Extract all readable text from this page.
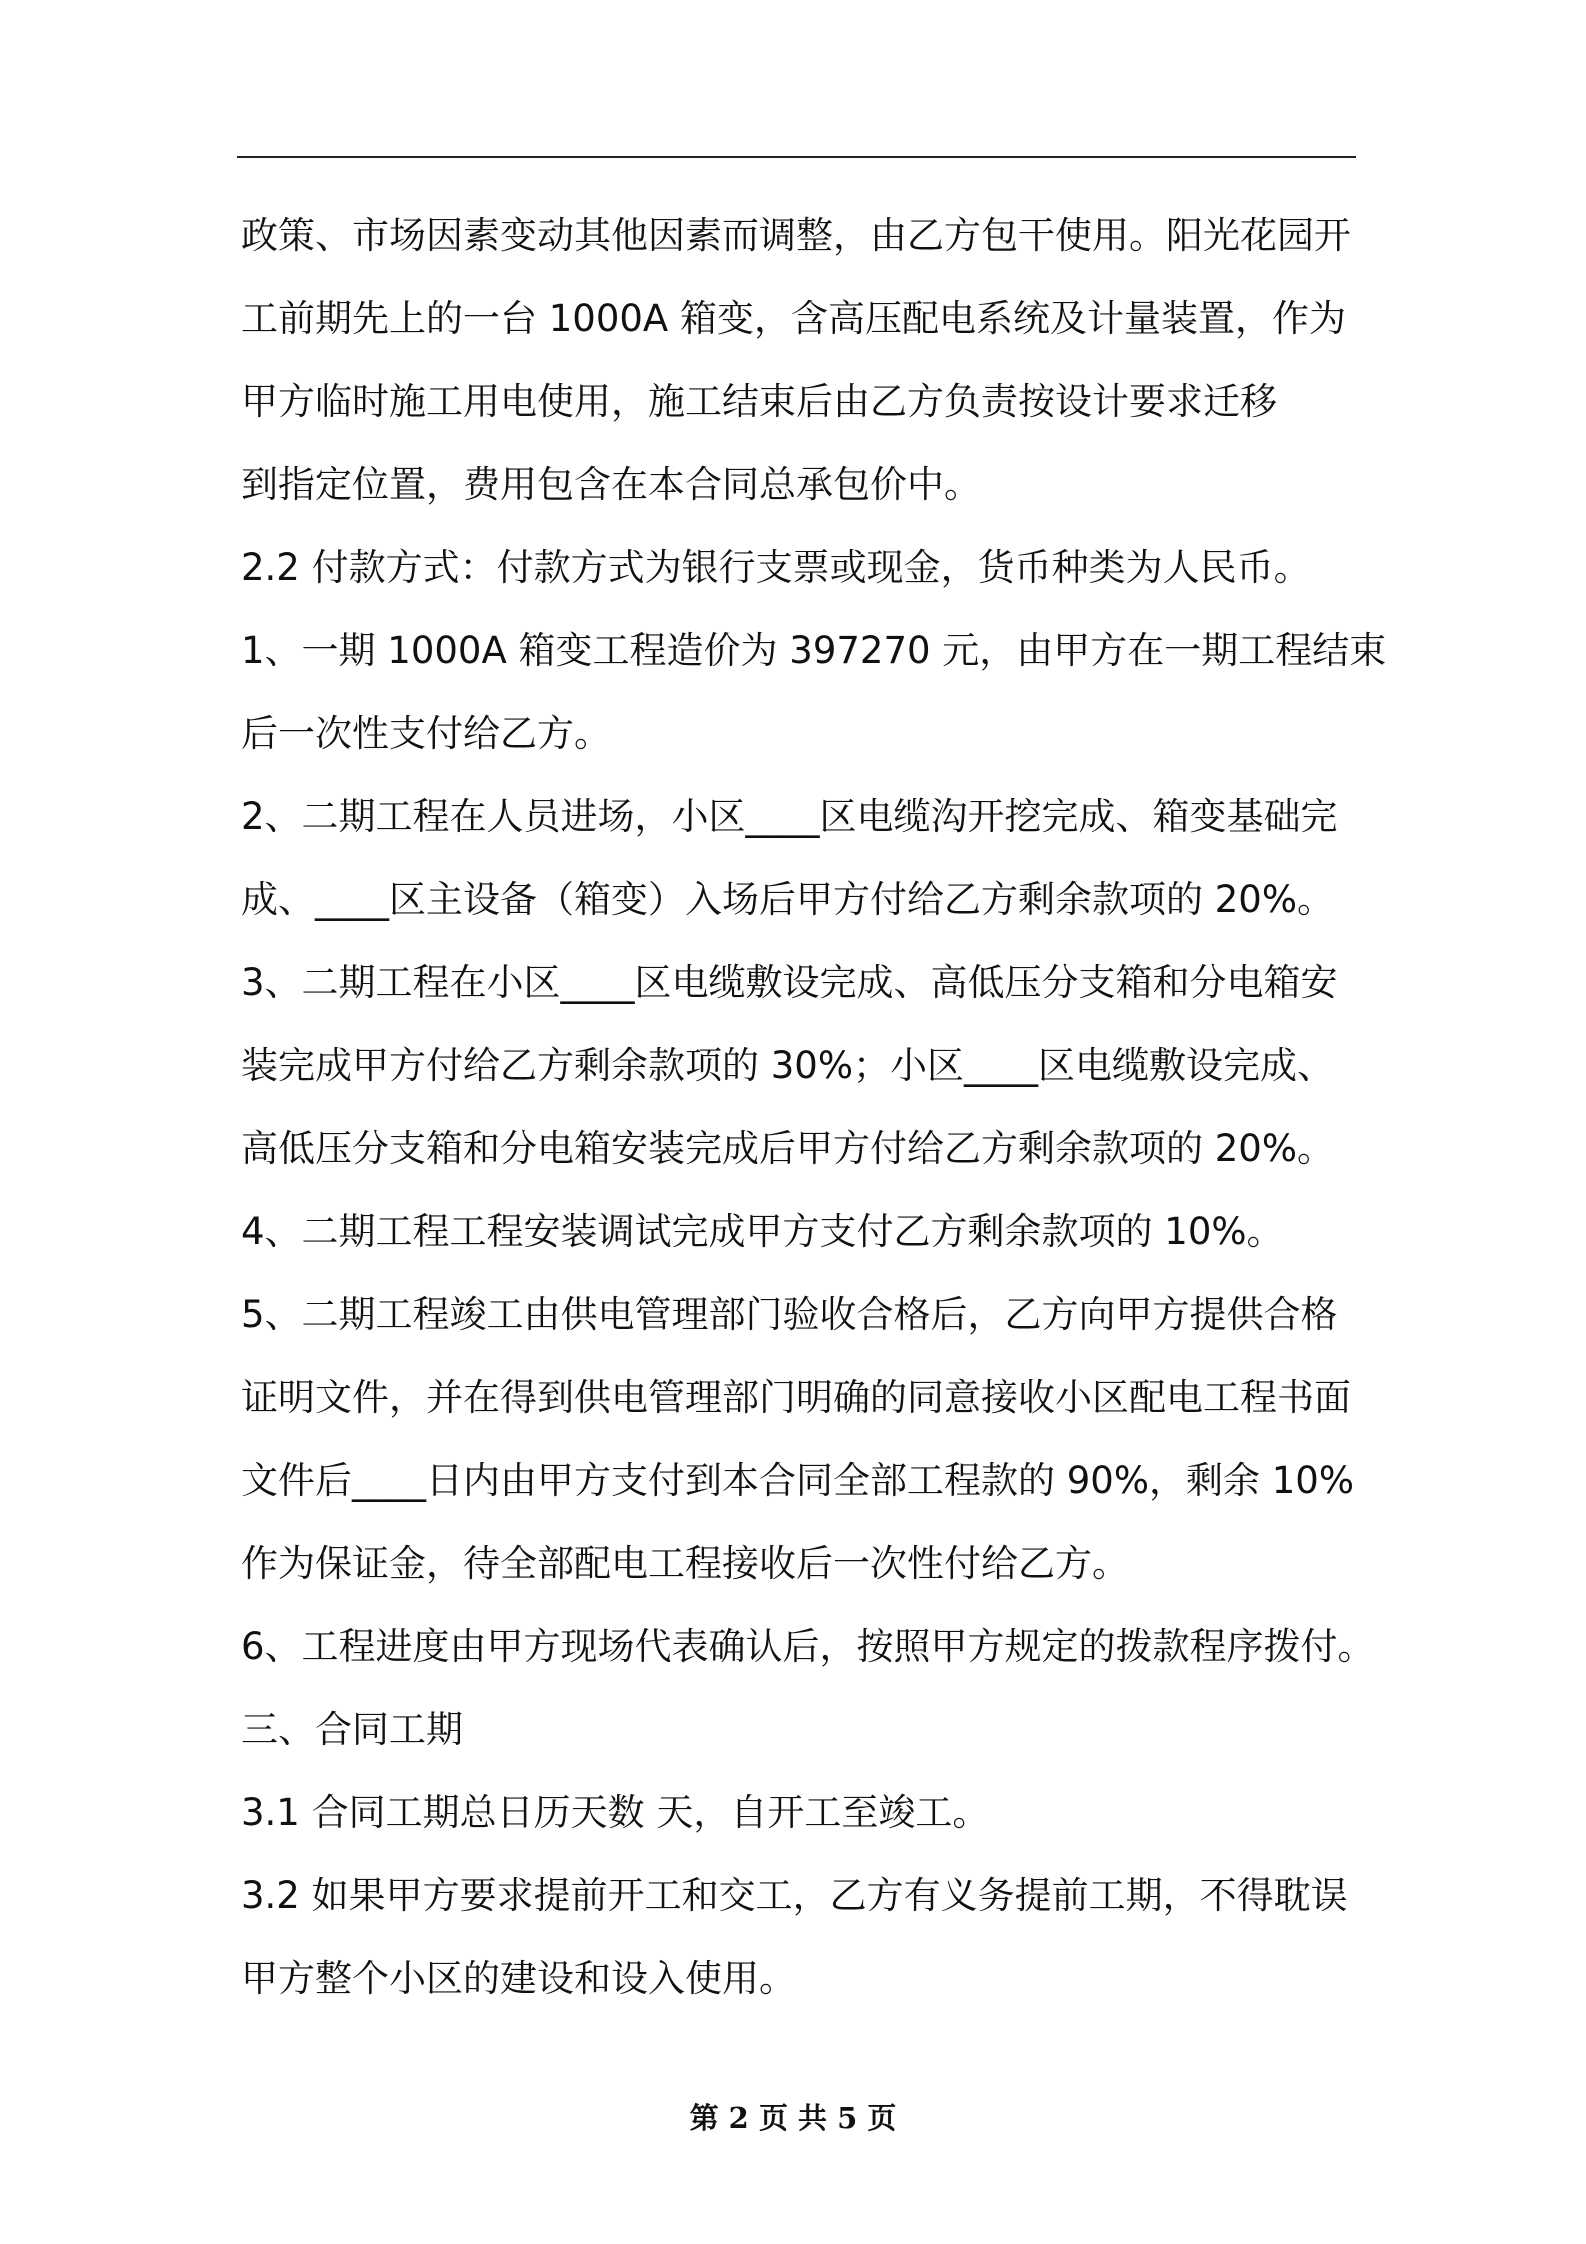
政策、市场因素变动其他因素而调整，由乙方包干使用。阳光花园开
工前期先上的一台 1000A 箱变，含高压配电系统及计量装置，作为
甲方临时施工用电使用，施工结束后由乙方负责按设计要求迁移
到指定位置，费用包含在本合同总承包价中。
2.2 付款方式：付款方式为银行支票或现金，货币种类为人民币。
1、一期 1000A 箱变工程造价为 397270 元，由甲方在一期工程结束
后一次性支付给乙方。
2、二期工程在人员进场，小区____区电缆沟开挖完成、箱变基础完
成、____区主设备（箱变）入场后甲方付给乙方剩余款项的 20%。
3、二期工程在小区____区电缆敷设完成、高低压分支箱和分电箱安
装完成甲方付给乙方剩余款项的 30%；小区____区电缆敷设完成、
高低压分支箱和分电箱安装完成后甲方付给乙方剩余款项的 20%。
4、二期工程工程安装调试完成甲方支付乙方剩余款项的 10%。
5、二期工程竣工由供电管理部门验收合格后，乙方向甲方提供合格
证明文件，并在得到供电管理部门明确的同意接收小区配电工程书面
文件后____日内由甲方支付到本合同全部工程款的 90%，剩余 10%
作为保证金，待全部配电工程接收后一次性付给乙方。
6、工程进度由甲方现场代表确认后，按照甲方规定的拨款程序拨付。
三、合同工期
3.1 合同工期总日历天数 天，自开工至竣工。
3.2 如果甲方要求提前开工和交工，乙方有义务提前工期，不得耽误
甲方整个小区的建设和设入使用。
第 2 页 共 5 页
